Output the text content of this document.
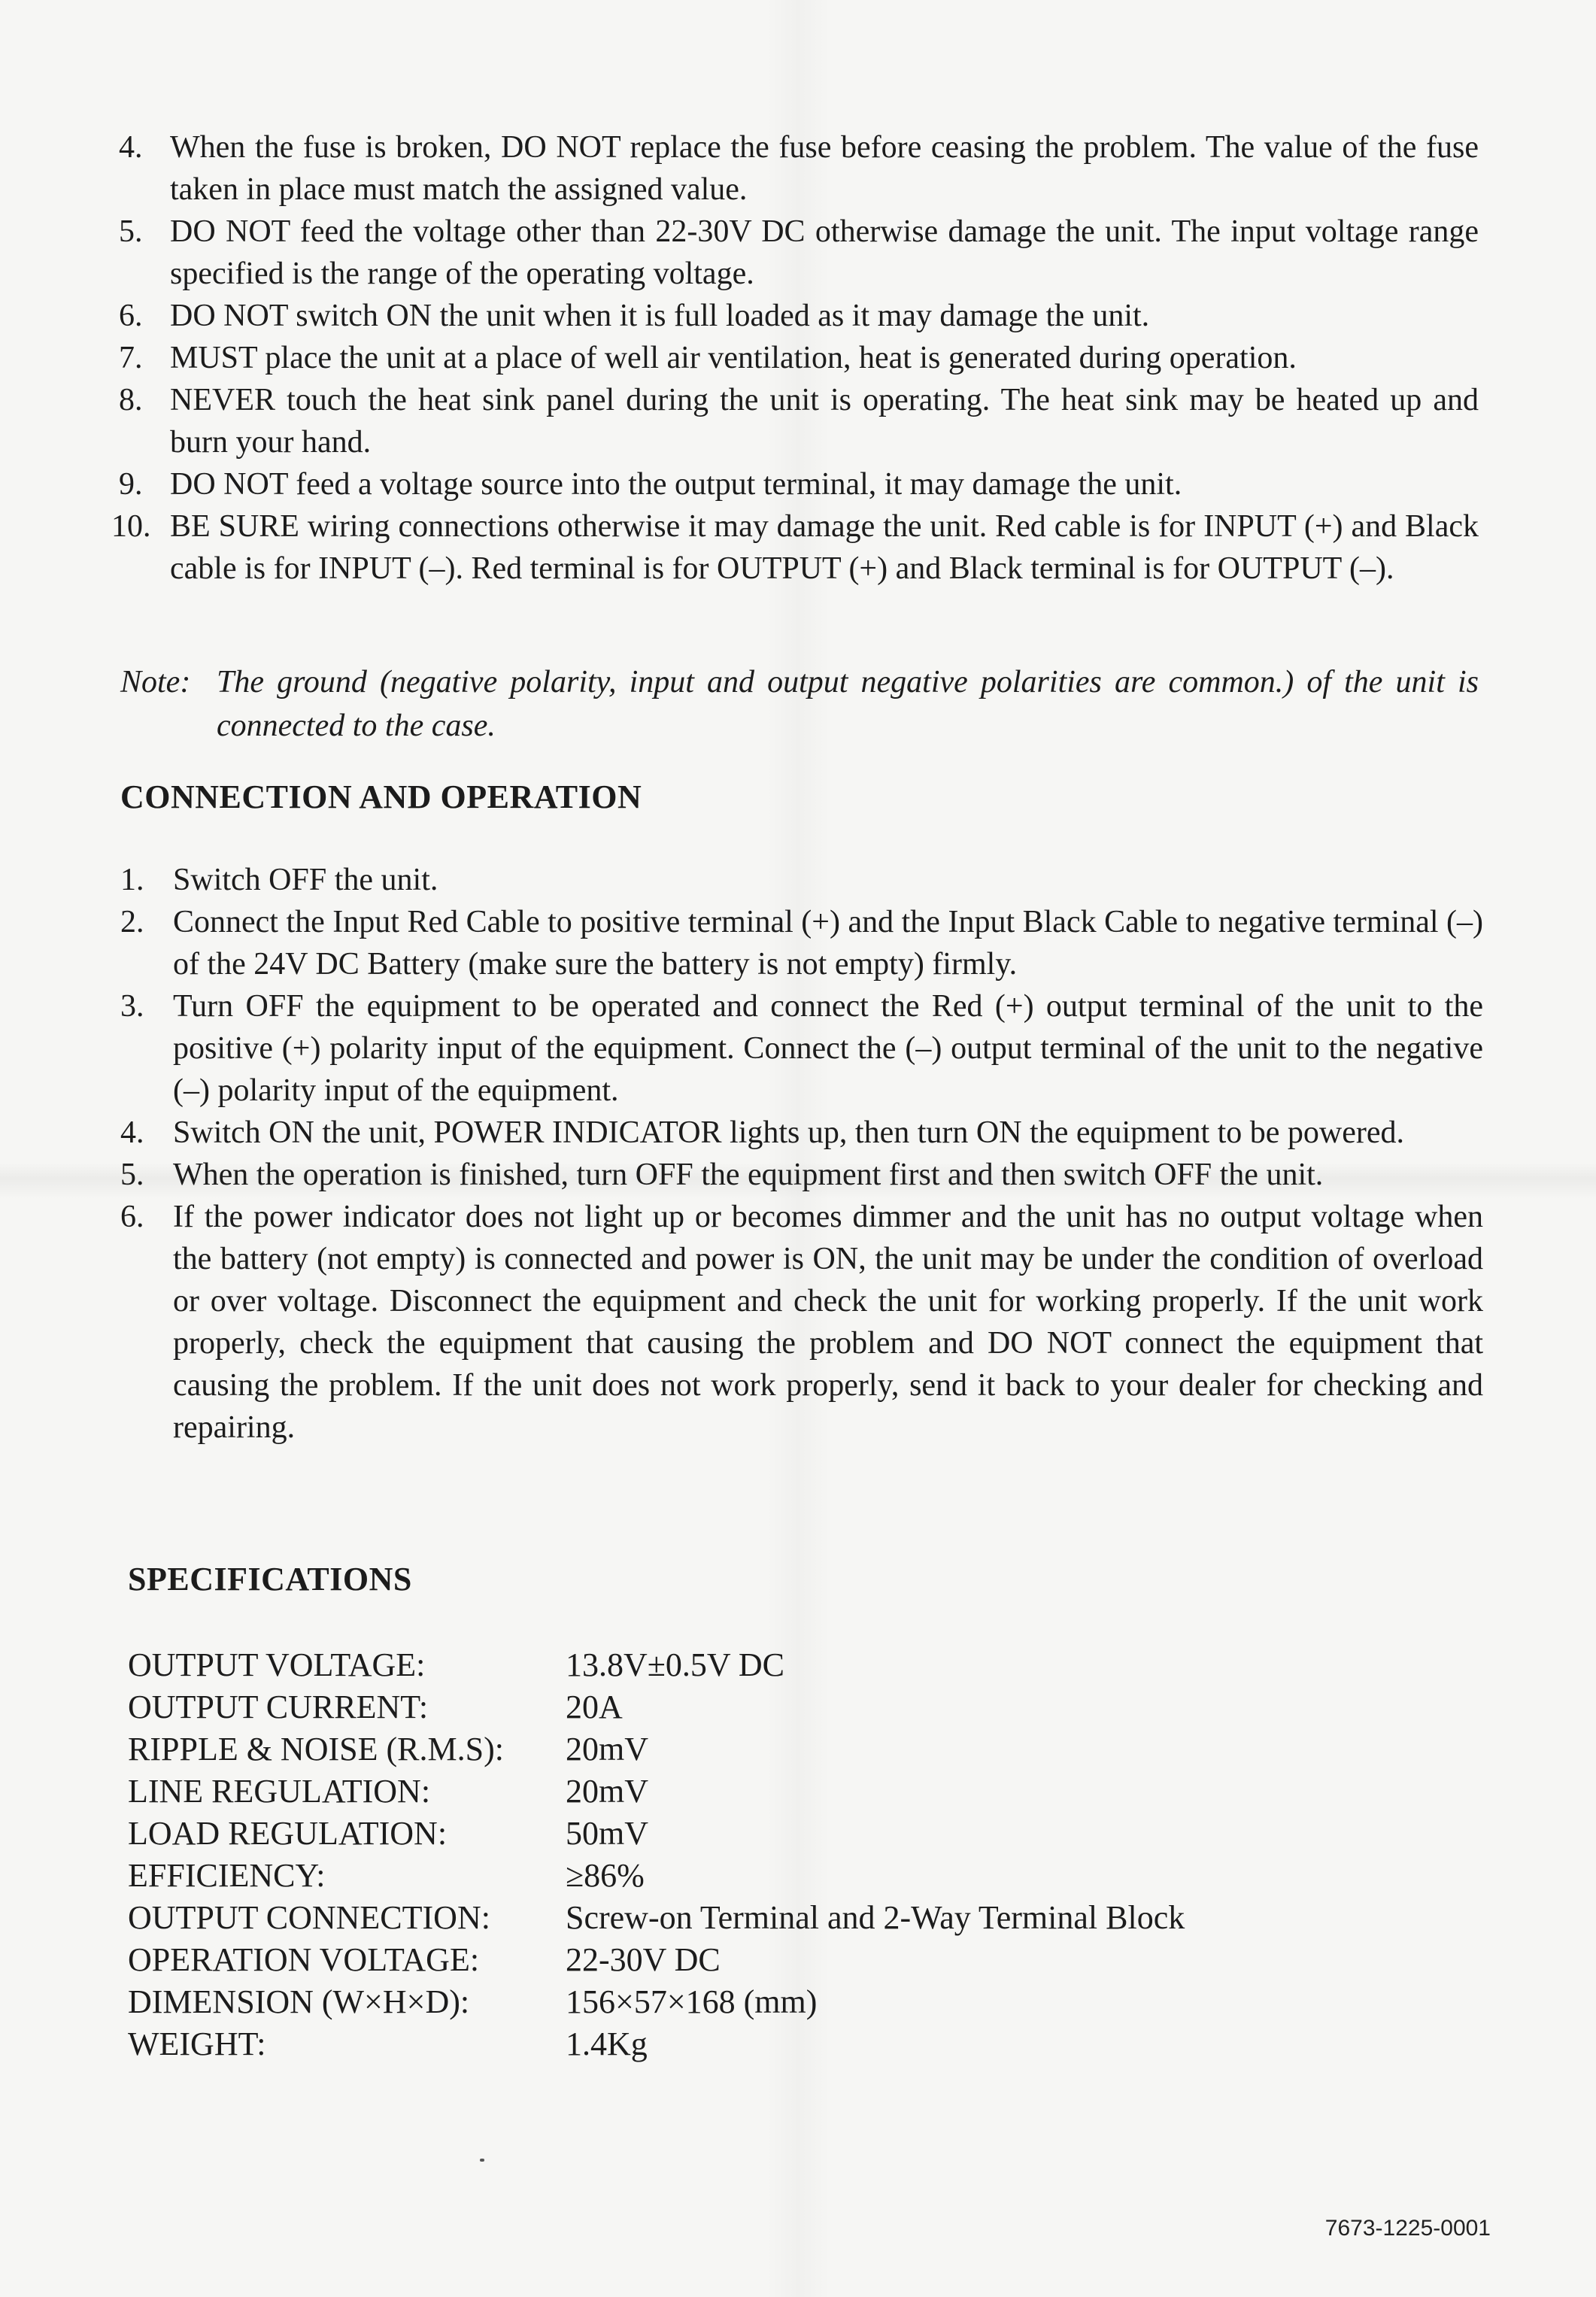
4. When the fuse is broken, DO NOT replace the fuse before ceasing the problem. The value of the fuse taken in place must match the assigned value.
5. DO NOT feed the voltage other than 22-30V DC otherwise damage the unit. The input voltage range specified is the range of the operating voltage.
6. DO NOT switch ON the unit when it is full loaded as it may damage the unit.
7. MUST place the unit at a place of well air ventilation, heat is generated during operation.
8. NEVER touch the heat sink panel during the unit is operating. The heat sink may be heated up and burn your hand.
9. DO NOT feed a voltage source into the output terminal, it may damage the unit.
10. BE SURE wiring connections otherwise it may damage the unit. Red cable is for INPUT (+) and Black cable is for INPUT (–). Red terminal is for OUTPUT (+) and Black terminal is for OUTPUT (–).
Note: The ground (negative polarity, input and output negative polarities are common.) of the unit is connected to the case.
CONNECTION AND OPERATION
1. Switch OFF the unit.
2. Connect the Input Red Cable to positive terminal (+) and the Input Black Cable to negative terminal (–) of the 24V DC Battery (make sure the battery is not empty) firmly.
3. Turn OFF the equipment to be operated and connect the Red (+) output terminal of the unit to the positive (+) polarity input of the equipment. Connect the (–) output terminal of the unit to the negative (–) polarity input of the equipment.
4. Switch ON the unit, POWER INDICATOR lights up, then turn ON the equipment to be powered.
5. When the operation is finished, turn OFF the equipment first and then switch OFF the unit.
6. If the power indicator does not light up or becomes dimmer and the unit has no output voltage when the battery (not empty) is connected and power is ON, the unit may be under the condition of overload or over voltage. Disconnect the equipment and check the unit for working properly. If the unit work properly, check the equipment that causing the problem and DO NOT connect the equipment that causing the problem. If the unit does not work properly, send it back to your dealer for checking and repairing.
SPECIFICATIONS
OUTPUT VOLTAGE:	13.8V±0.5V DC
OUTPUT CURRENT:	20A
RIPPLE & NOISE (R.M.S):	20mV
LINE REGULATION:	20mV
LOAD REGULATION:	50mV
EFFICIENCY:	≥86%
OUTPUT CONNECTION:	Screw-on Terminal and 2-Way Terminal Block
OPERATION VOLTAGE:	22-30V DC
DIMENSION (W×H×D):	156×57×168 (mm)
WEIGHT:	1.4Kg
7673-1225-0001
